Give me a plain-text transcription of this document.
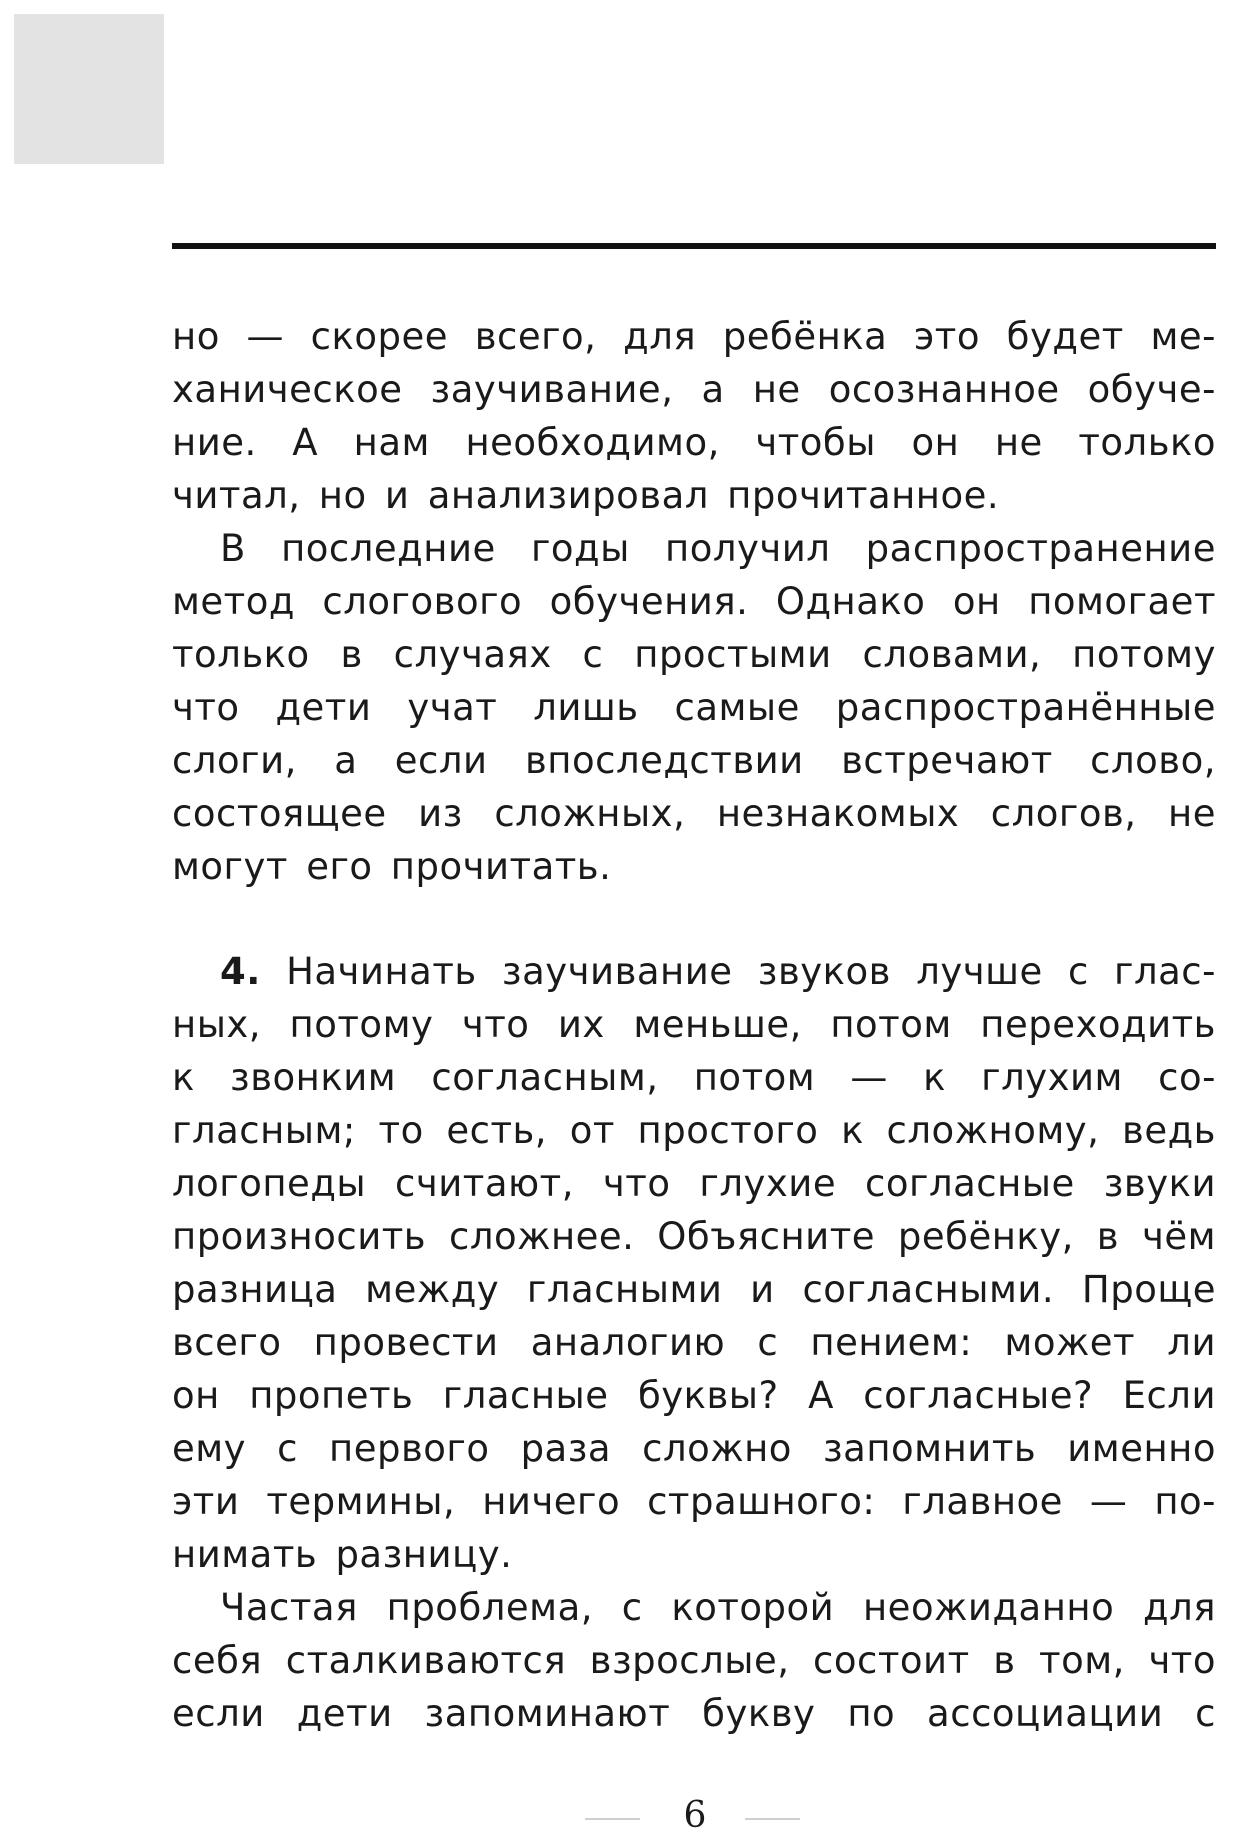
но — скорее всего, для ребёнка это будет ме-

ханическое заучивание, а не осознанное обуче-

ние. А нам необходимо, чтобы он не только

читал, но и анализировал прочитанное.

В последние годы получил распространение

метод слогового обучения. Однако он помогает

только в случаях с простыми словами, потому

что дети учат лишь самые распространённые

слоги, а если впоследствии встречают слово,

состоящее из сложных, незнакомых слогов, не

могут его прочитать.

4. Начинать заучивание звуков лучше с глас-

ных, потому что их меньше, потом переходить

к звонким согласным, потом — к глухим со-

гласным; то есть, от простого к сложному, ведь

логопеды считают, что глухие согласные звуки

произносить сложнее. Объясните ребёнку, в чём

разница между гласными и согласными. Проще

всего провести аналогию с пением: может ли

он пропеть гласные буквы? А согласные? Если

ему с первого раза сложно запомнить именно

эти термины, ничего страшного: главное — по-

нимать разницу.

Частая проблема, с которой неожиданно для

себя сталкиваются взрослые, состоит в том, что

если дети запоминают букву по ассоциации с

6
